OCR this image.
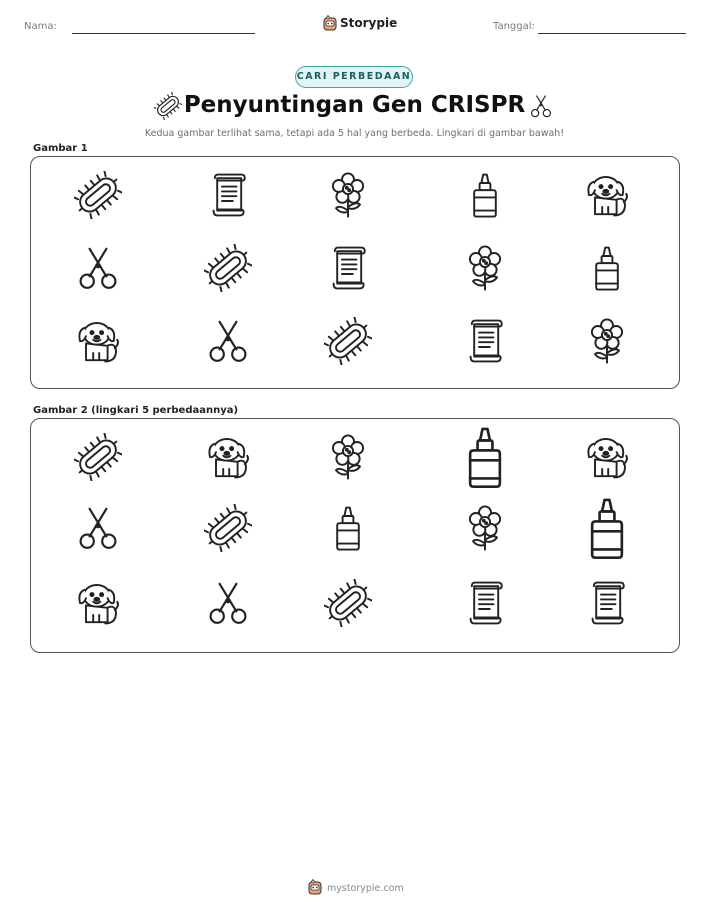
Nama:	Storypie	Tanggal:
CARI PERBEDAAN
Penyuntingan Gen CRISPR
Kedua gambar terlihat sama, tetapi ada 5 hal yang berbeda. Lingkari di gambar bawah!
Gambar 1
Gambar 2 (lingkari 5 perbedaannya)
mystorypie.com
